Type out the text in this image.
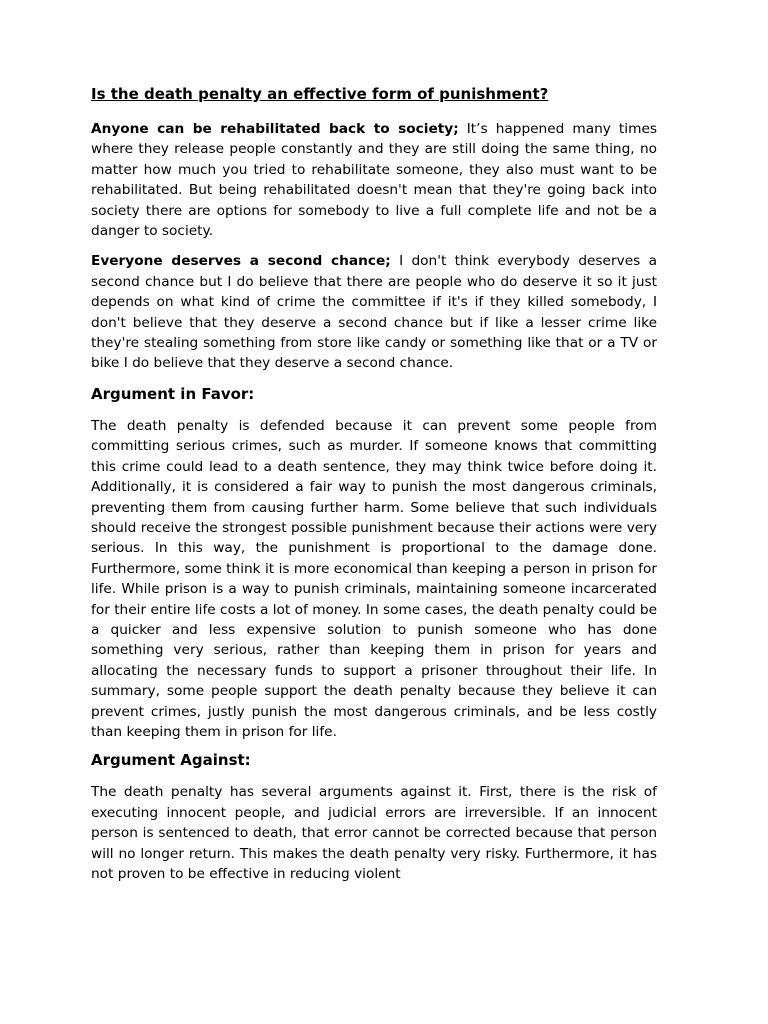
Is the death penalty an effective form of punishment?

Anyone can be rehabilitated back to society; It’s happened many times where they release people constantly and they are still doing the same thing, no matter how much you tried to rehabilitate someone, they also must want to be rehabilitated. But being rehabilitated doesn't mean that they're going back into society there are options for somebody to live a full complete life and not be a danger to society.

Everyone deserves a second chance; I don't think everybody deserves a second chance but I do believe that there are people who do deserve it so it just depends on what kind of crime the committee if it's if they killed somebody, I don't believe that they deserve a second chance but if like a lesser crime like they're stealing something from store like candy or something like that or a TV or bike I do believe that they deserve a second chance.

Argument in Favor:

The death penalty is defended because it can prevent some people from committing serious crimes, such as murder. If someone knows that committing this crime could lead to a death sentence, they may think twice before doing it. Additionally, it is considered a fair way to punish the most dangerous criminals, preventing them from causing further harm. Some believe that such individuals should receive the strongest possible punishment because their actions were very serious. In this way, the punishment is proportional to the damage done. Furthermore, some think it is more economical than keeping a person in prison for life. While prison is a way to punish criminals, maintaining someone incarcerated for their entire life costs a lot of money. In some cases, the death penalty could be a quicker and less expensive solution to punish someone who has done something very serious, rather than keeping them in prison for years and allocating the necessary funds to support a prisoner throughout their life. In summary, some people support the death penalty because they believe it can prevent crimes, justly punish the most dangerous criminals, and be less costly than keeping them in prison for life.

Argument Against:

The death penalty has several arguments against it. First, there is the risk of executing innocent people, and judicial errors are irreversible. If an innocent person is sentenced to death, that error cannot be corrected because that person will no longer return. This makes the death penalty very risky. Furthermore, it has not proven to be effective in reducing violent
